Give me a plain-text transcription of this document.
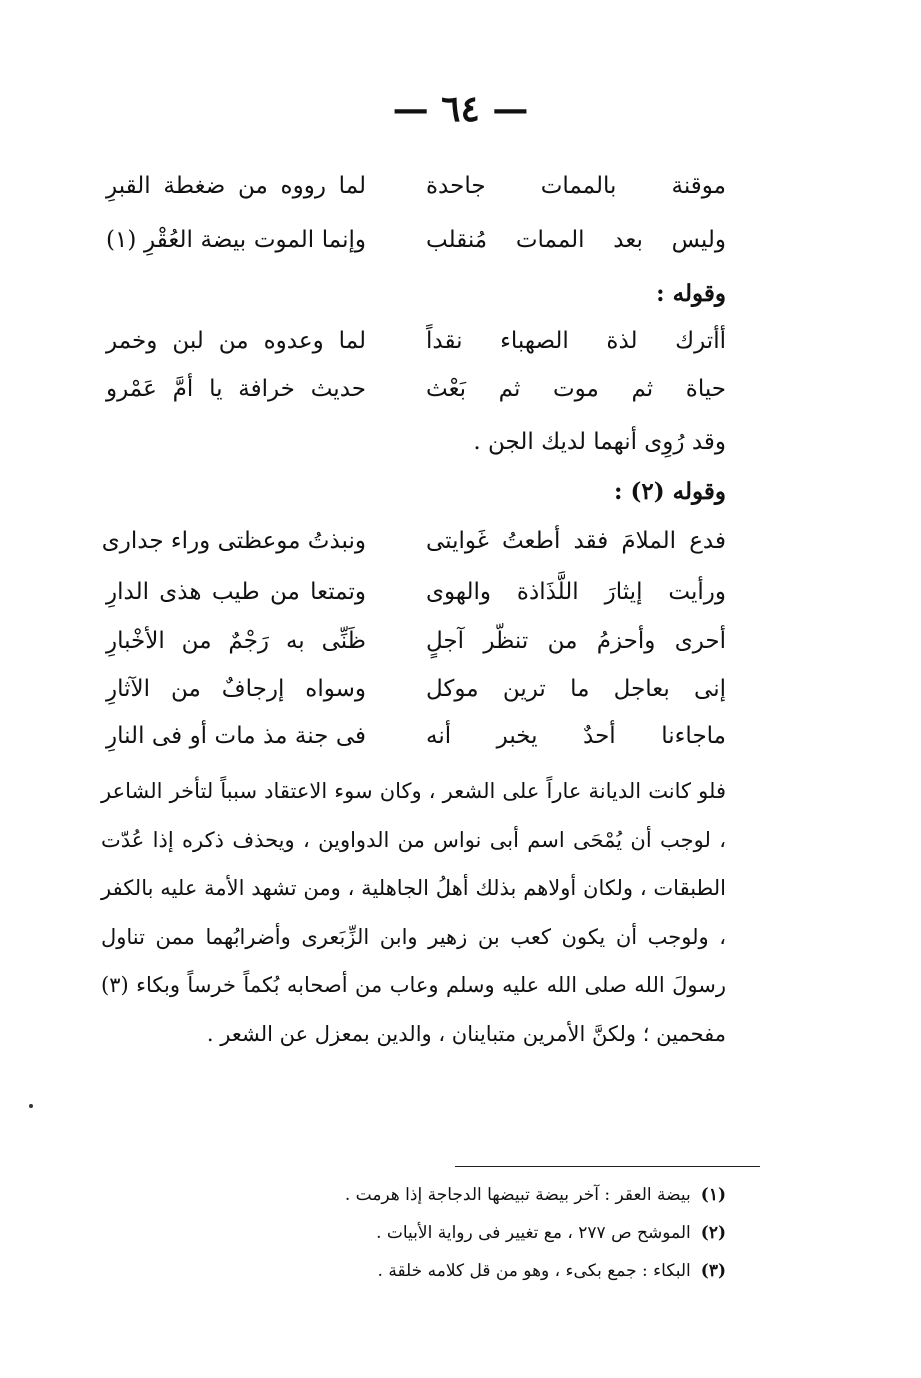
— ٦٤ —
موقنة بالممات جاحدة
لما رووه من ضغطة القبرِ
وليس بعد الممات مُنقلب
وإنما الموت بيضة العُقْرِ (١)
وقوله :
أأترك لذة الصهباء نقداً
لما وعدوه من لبن وخمر
حياة ثم موت ثم بَعْث
حديث خرافة يا أمَّ عَمْرو
وقد رُوِى أنهما لديك الجن .
وقوله (٢) :
فدع الملامَ فقد أطعتُ غَوايتى
ونبذتُ موعظتى وراء جدارى
ورأيت إيثارَ اللَّذَاذة والهوى
وتمتعا من طيب هذى الدارِ
أحرى وأحزمُ من تنظّر آجلٍ
ظَنِّى به رَجْمٌ من الأخْبارِ
إنى بعاجل ما ترين موكل
وسواه إرجافٌ من الآثارِ
ماجاءنا أحدٌ يخبر أنه
فى جنة مذ مات أو فى النارِ

فلو كانت الديانة عاراً على الشعر ، وكان سوء الاعتقاد سبباً لتأخر الشاعر ، لوجب أن يُمْحَى اسم أبى نواس من الدواوين ، ويحذف ذكره إذا عُدّت الطبقات ، ولكان أولاهم بذلك أهلُ الجاهلية ، ومن تشهد الأمة عليه بالكفر ، ولوجب أن يكون كعب بن زهير وابن الزِّبَعرى وأضرابُهما ممن تناول رسولَ الله صلى الله عليه وسلم وعاب من أصحابه بُكماً خرساً وبكاء (٣) مفحمين ؛ ولكنَّ الأمرين متباينان ، والدين بمعزل عن الشعر .

(١)بيضة العقر : آخر بيضة تبيضها الدجاجة إذا هرمت .
(٢)الموشح ص ٢٧٧ ، مع تغيير فى رواية الأبيات .
(٣)البكاء : جمع بكىء ، وهو من قل كلامه خلقة .
